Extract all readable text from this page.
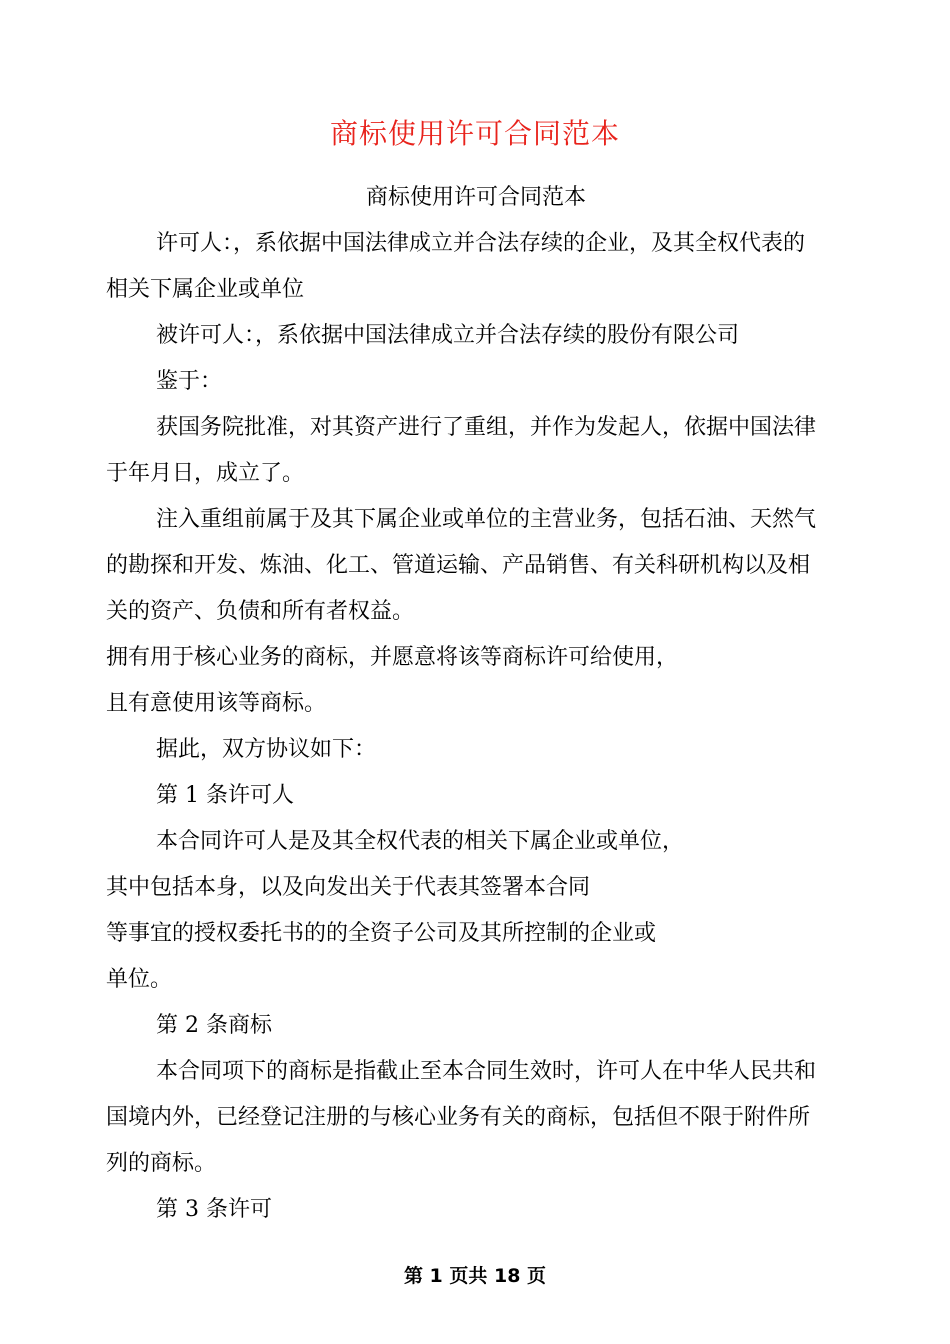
商标使用许可合同范本
商标使用许可合同范本
许可人：，系依据中国法律成立并合法存续的企业，及其全权代表的
相关下属企业或单位
被许可人：，系依据中国法律成立并合法存续的股份有限公司
鉴于：
获国务院批准，对其资产进行了重组，并作为发起人，依据中国法律
于年月日，成立了。
注入重组前属于及其下属企业或单位的主营业务，包括石油、天然气
的勘探和开发、炼油、化工、管道运输、产品销售、有关科研机构以及相
关的资产、负债和所有者权益。
拥有用于核心业务的商标，并愿意将该等商标许可给使用，
且有意使用该等商标。
据此，双方协议如下：
第 1 条许可人
本合同许可人是及其全权代表的相关下属企业或单位，
其中包括本身，以及向发出关于代表其签署本合同
等事宜的授权委托书的的全资子公司及其所控制的企业或
单位。
第 2 条商标
本合同项下的商标是指截止至本合同生效时，许可人在中华人民共和
国境内外，已经登记注册的与核心业务有关的商标，包括但不限于附件所
列的商标。
第 3 条许可
第 1 页共 18 页
